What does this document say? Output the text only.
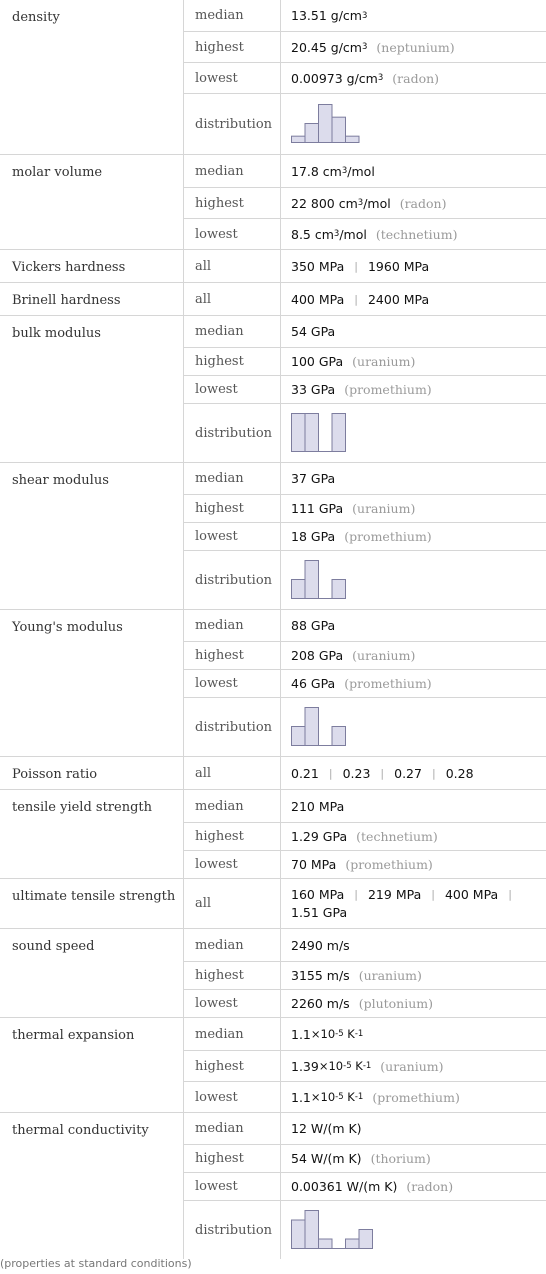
density	median	13.51 g/cm 3
highest	20.45 g/cm 3 (neptunium)
lowest	0.00973 g/cm 3 (radon)
distribution
molar volume	median	17.8 cm 3 /mol
highest	22 800 cm 3 /mol (radon)
lowest	8.5 cm 3 /mol (technetium)
Vickers hardness	all	350 MPa | 1960 MPa
Brinell hardness	all	400 MPa | 2400 MPa
bulk modulus	median	54 GPa
highest	100 GPa (uranium)
lowest	33 GPa (promethium)
distribution
shear modulus	median	37 GPa
highest	111 GPa (uranium)
lowest	18 GPa (promethium)
distribution
Young's modulus	median	88 GPa
highest	208 GPa (uranium)
lowest	46 GPa (promethium)
distribution
Poisson ratio	all	0.21 | 0.23 | 0.27 | 0.28
tensile yield strength	median	210 MPa
highest	1.29 GPa (technetium)
lowest	70 MPa (promethium)
ultimate tensile strength	all
160 MPa | 219 MPa | 400 MPa |
1.51 GPa
sound speed	median	2490 m/s
highest	3155 m/s (uranium)
lowest	2260 m/s (plutonium)
thermal expansion	median	1.1 ×10 -5 K -1
highest	1.39 ×10 -5 K -1 (uranium)
lowest	1.1 ×10 -5 K -1 (promethium)
thermal conductivity	median	12 W/(m K)
highest	54 W/(m K) (thorium)
lowest	0.00361 W/(m K) (radon)
distribution
(properties at standard conditions)
